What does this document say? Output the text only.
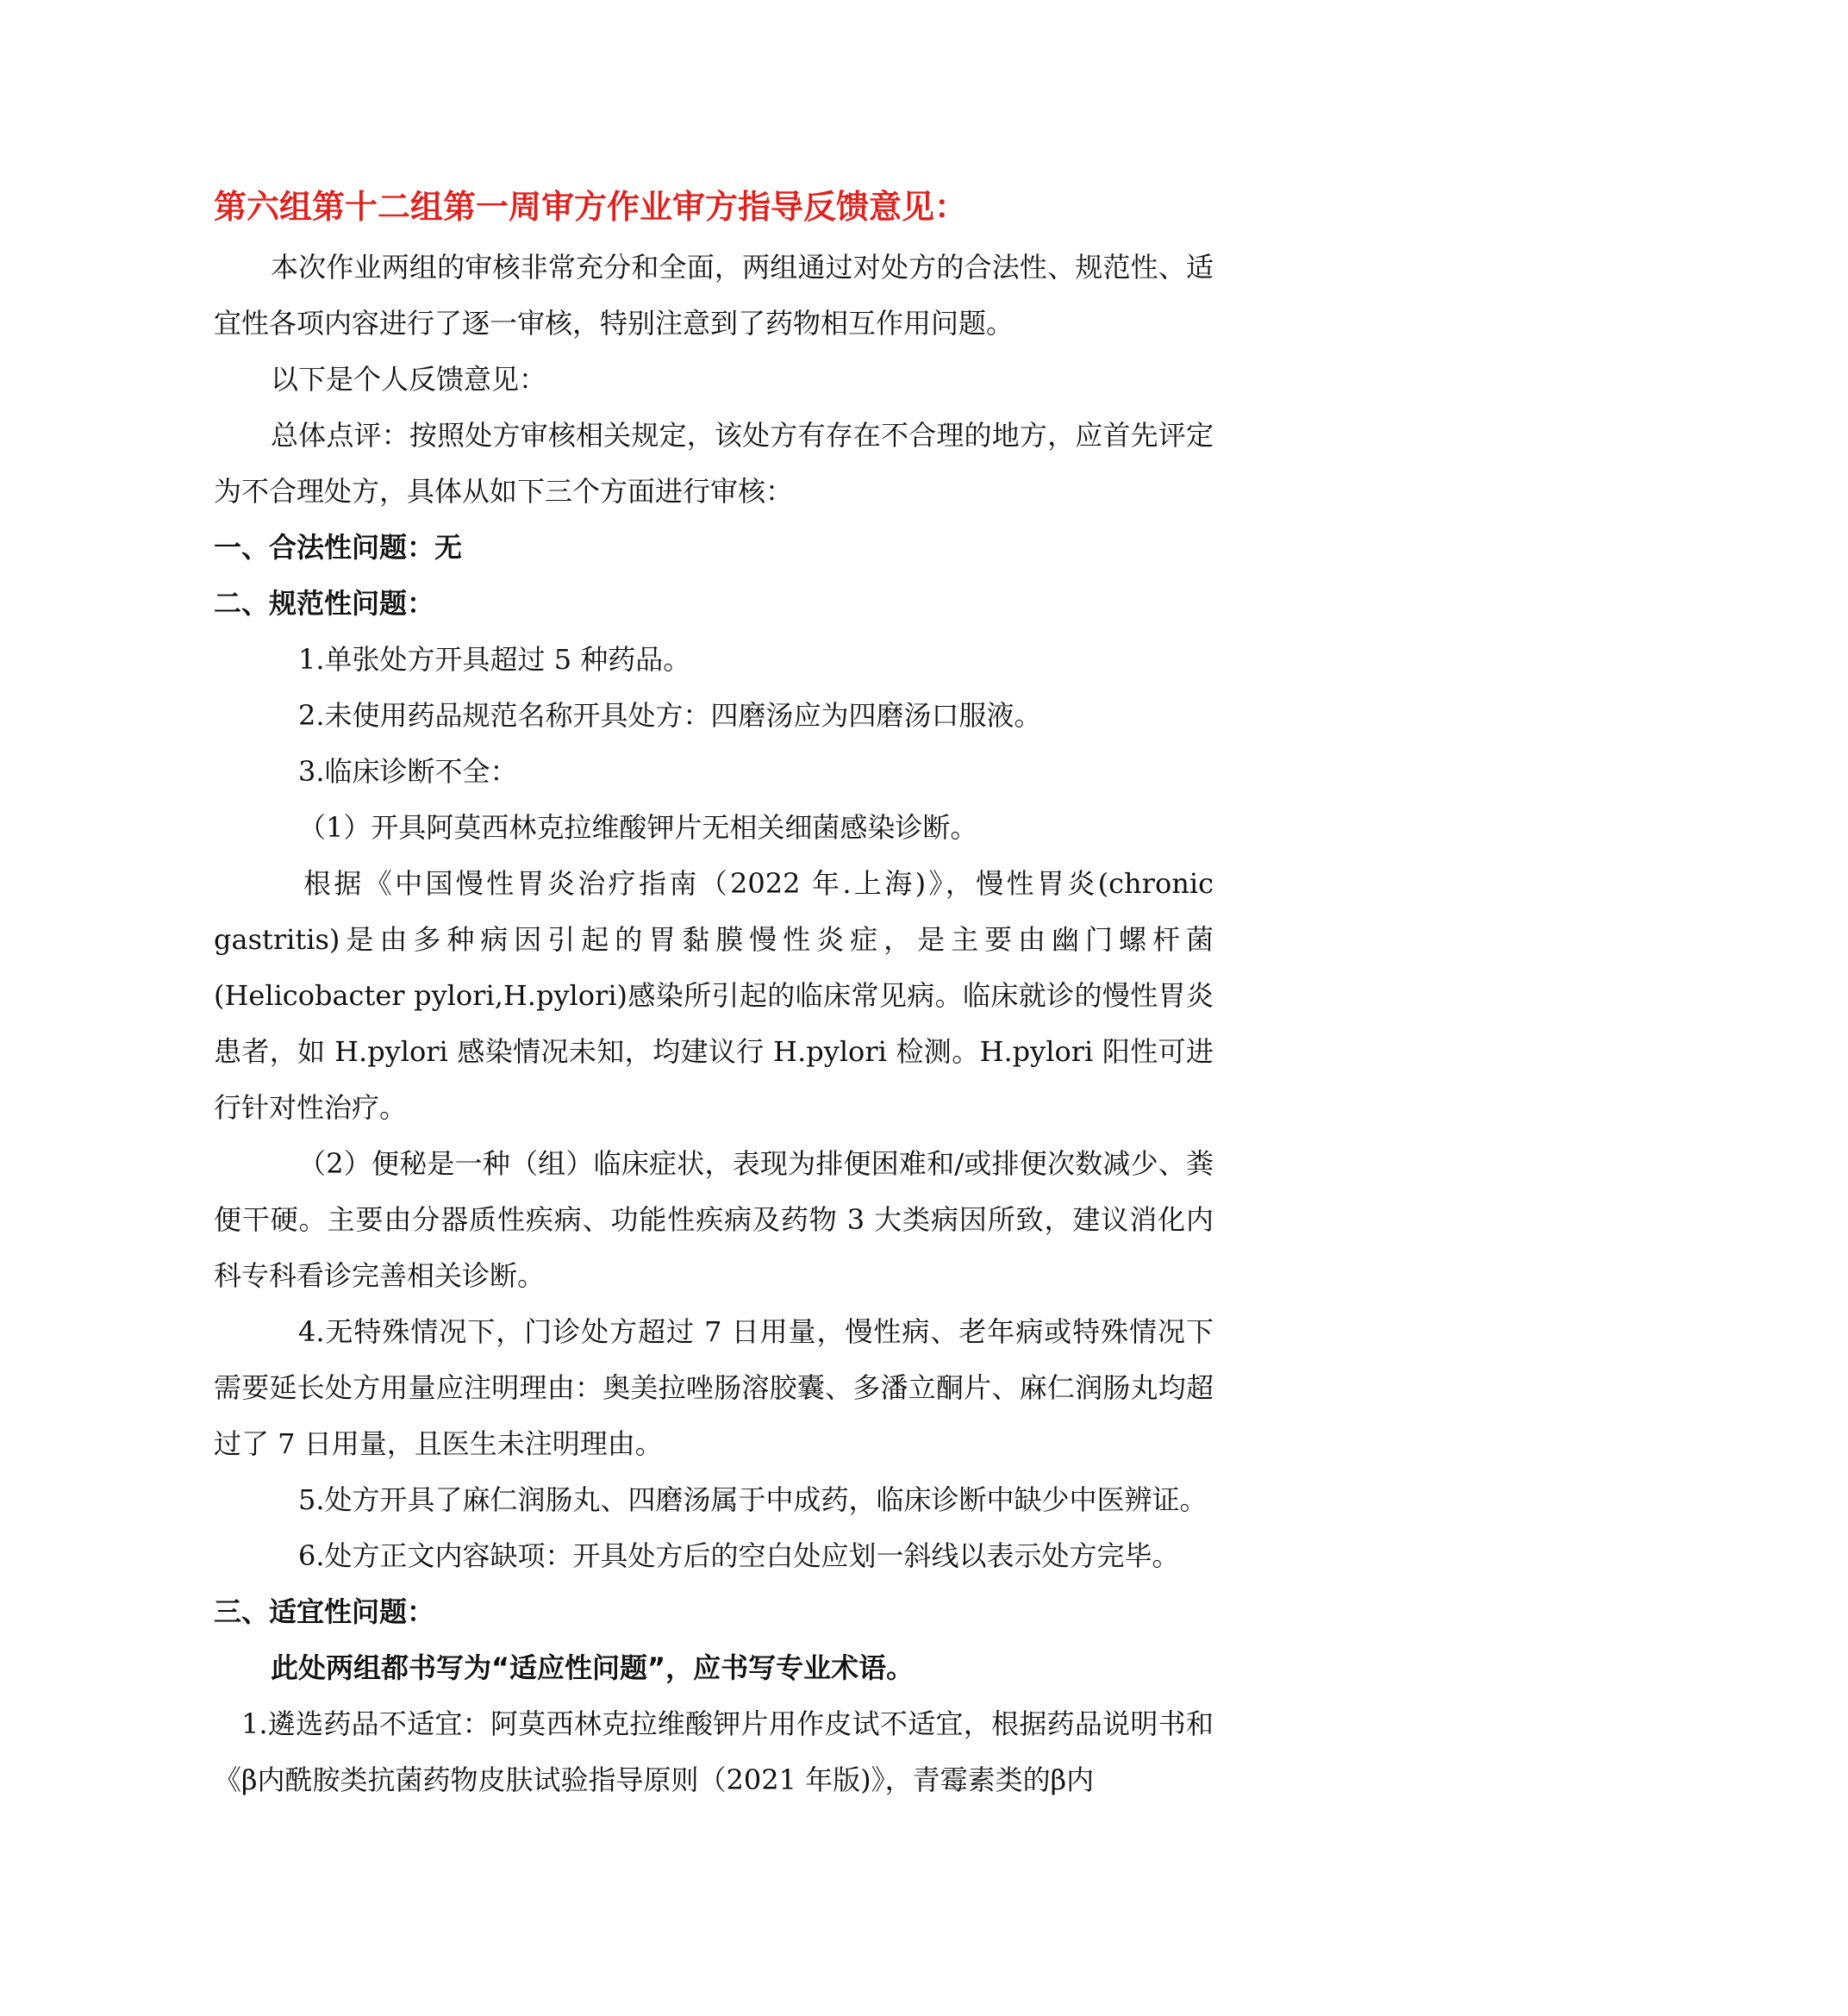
第六组第十二组第一周审方作业审方指导反馈意见：

本次作业两组的审核非常充分和全面，两组通过对处方的合法性、规范性、适宜性各项内容进行了逐一审核，特别注意到了药物相互作用问题。

以下是个人反馈意见：

总体点评：按照处方审核相关规定，该处方有存在不合理的地方，应首先评定为不合理处方，具体从如下三个方面进行审核：

一、合法性问题：无

二、规范性问题：

1.单张处方开具超过 5 种药品。

2.未使用药品规范名称开具处方：四磨汤应为四磨汤口服液。

3.临床诊断不全：

（1）开具阿莫西林克拉维酸钾片无相关细菌感染诊断。

根据《中国慢性胃炎治疗指南（2022 年.上海)》，慢性胃炎(chronic gastritis)是由多种病因引起的胃黏膜慢性炎症，是主要由幽门螺杆菌(Helicobacter pylori,H.pylori)感染所引起的临床常见病。临床就诊的慢性胃炎患者，如 H.pylori 感染情况未知，均建议行 H.pylori 检测。H.pylori 阳性可进行针对性治疗。

（2）便秘是一种（组）临床症状，表现为排便困难和/或排便次数减少、粪便干硬。主要由分器质性疾病、功能性疾病及药物 3 大类病因所致，建议消化内科专科看诊完善相关诊断。

4.无特殊情况下，门诊处方超过 7 日用量，慢性病、老年病或特殊情况下需要延长处方用量应注明理由：奥美拉唑肠溶胶囊、多潘立酮片、麻仁润肠丸均超过了 7 日用量，且医生未注明理由。

5.处方开具了麻仁润肠丸、四磨汤属于中成药，临床诊断中缺少中医辨证。

6.处方正文内容缺项：开具处方后的空白处应划一斜线以表示处方完毕。

三、适宜性问题：

此处两组都书写为“适应性问题”，应书写专业术语。

1.遴选药品不适宜：阿莫西林克拉维酸钾片用作皮试不适宜，根据药品说明书和《β内酰胺类抗菌药物皮肤试验指导原则（2021 年版)》，青霉素类的β内
